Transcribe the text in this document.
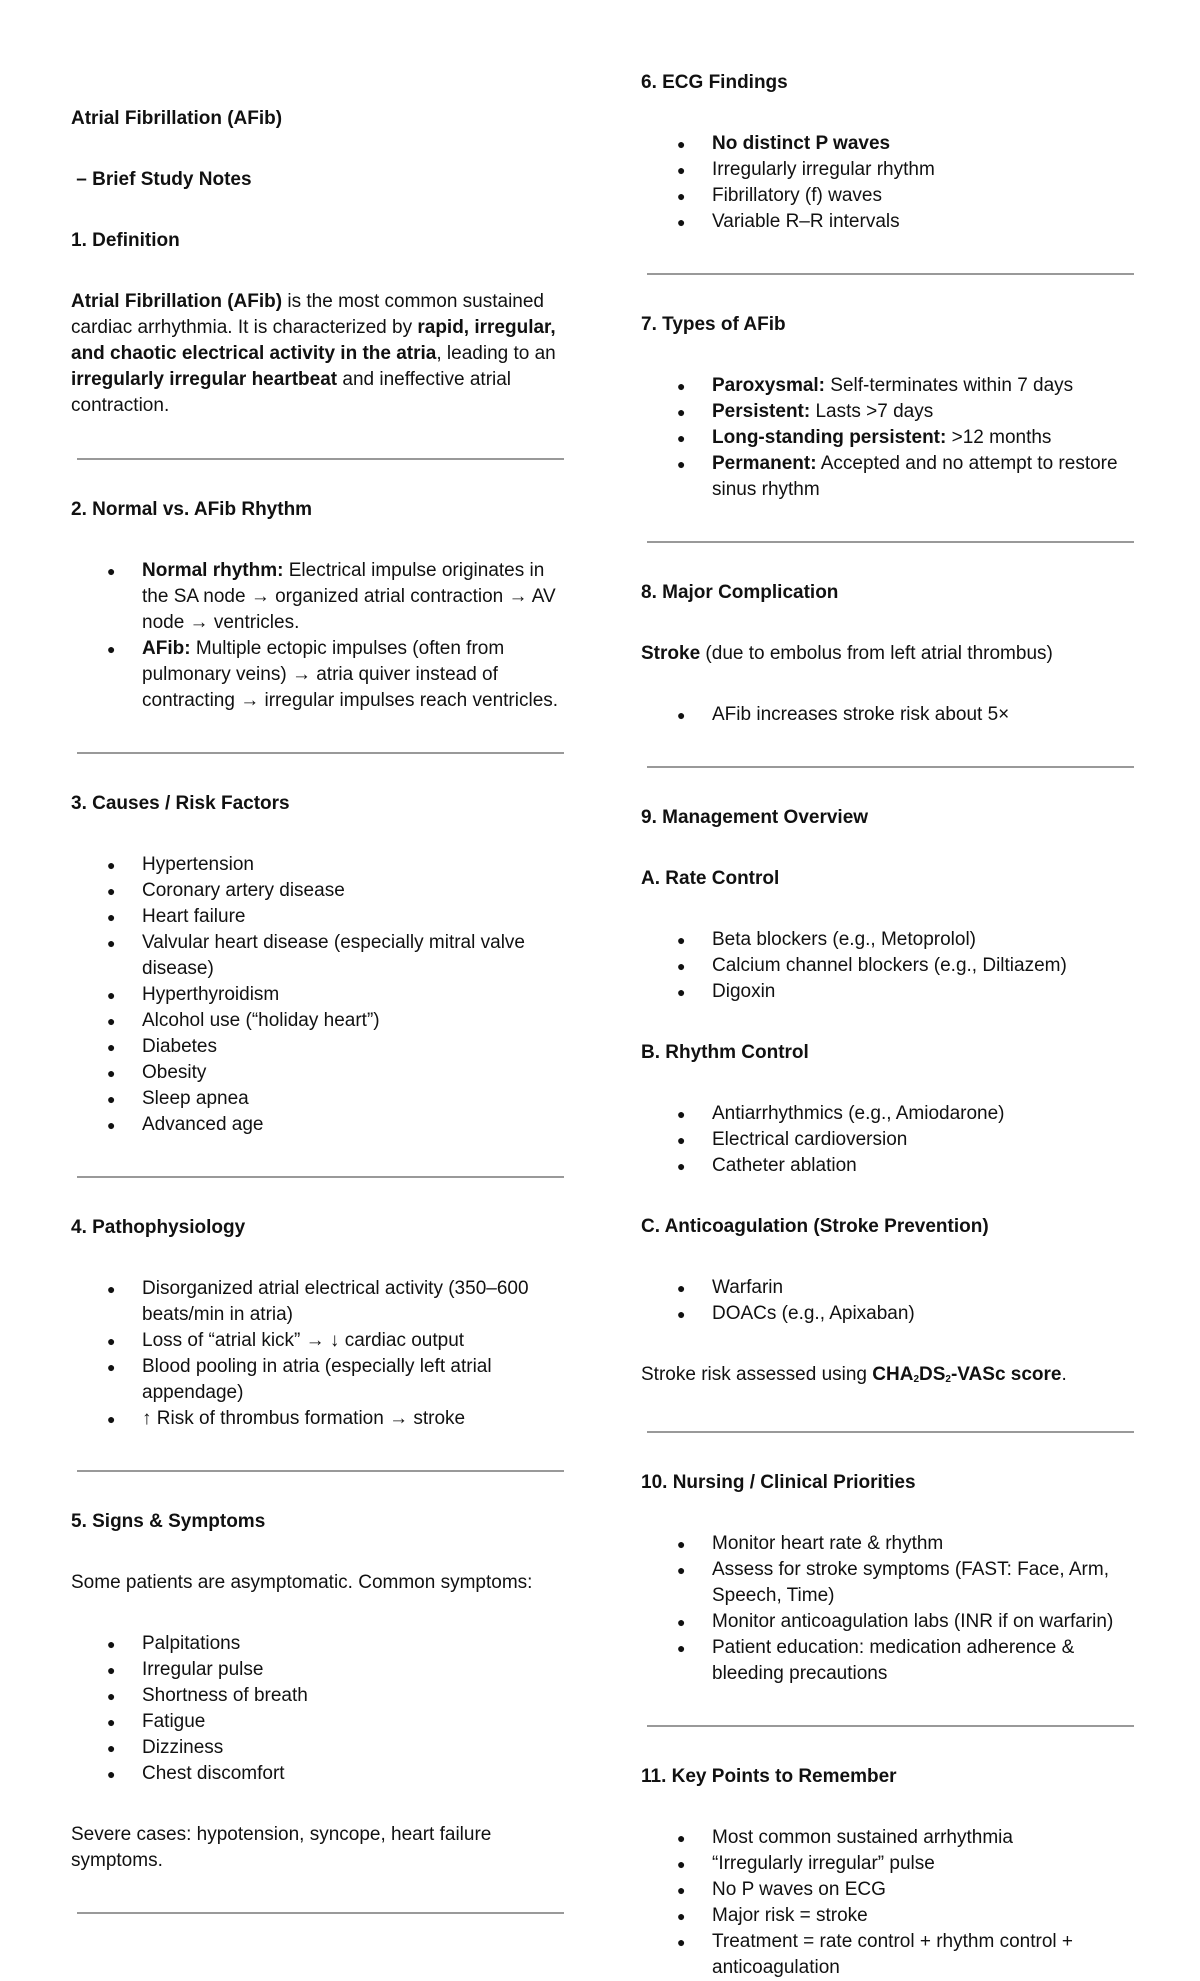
Atrial Fibrillation (AFib)

– Brief Study Notes

1. Definition

Atrial Fibrillation (AFib) is the most common sustained cardiac arrhythmia. It is characterized by rapid, irregular, and chaotic electrical activity in the atria, leading to an irregularly irregular heartbeat and ineffective atrial contraction.

2. Normal vs. AFib Rhythm

● Normal rhythm: Electrical impulse originates in the SA node → organized atrial contraction → AV node → ventricles.
● AFib: Multiple ectopic impulses (often from pulmonary veins) → atria quiver instead of contracting → irregular impulses reach ventricles.

3. Causes / Risk Factors

● Hypertension
● Coronary artery disease
● Heart failure
● Valvular heart disease (especially mitral valve disease)
● Hyperthyroidism
● Alcohol use (“holiday heart”)
● Diabetes
● Obesity
● Sleep apnea
● Advanced age

4. Pathophysiology

● Disorganized atrial electrical activity (350–600 beats/min in atria)
● Loss of “atrial kick” → ↓ cardiac output
● Blood pooling in atria (especially left atrial appendage)
● ↑ Risk of thrombus formation → stroke

5. Signs & Symptoms

Some patients are asymptomatic. Common symptoms:

● Palpitations
● Irregular pulse
● Shortness of breath
● Fatigue
● Dizziness
● Chest discomfort

Severe cases: hypotension, syncope, heart failure symptoms.

6. ECG Findings

● No distinct P waves
● Irregularly irregular rhythm
● Fibrillatory (f) waves
● Variable R–R intervals

7. Types of AFib

● Paroxysmal: Self-terminates within 7 days
● Persistent: Lasts >7 days
● Long-standing persistent: >12 months
● Permanent: Accepted and no attempt to restore sinus rhythm

8. Major Complication

Stroke (due to embolus from left atrial thrombus)

● AFib increases stroke risk about 5×

9. Management Overview

A. Rate Control

● Beta blockers (e.g., Metoprolol)
● Calcium channel blockers (e.g., Diltiazem)
● Digoxin

B. Rhythm Control

● Antiarrhythmics (e.g., Amiodarone)
● Electrical cardioversion
● Catheter ablation

C. Anticoagulation (Stroke Prevention)

● Warfarin
● DOACs (e.g., Apixaban)

Stroke risk assessed using $CHA_2DS_2$-VASc score.

10. Nursing / Clinical Priorities

● Monitor heart rate & rhythm
● Assess for stroke symptoms (FAST: Face, Arm, Speech, Time)
● Monitor anticoagulation labs (INR if on warfarin)
● Patient education: medication adherence & bleeding precautions

11. Key Points to Remember

● Most common sustained arrhythmia
● “Irregularly irregular” pulse
● No P waves on ECG
● Major risk = stroke
● Treatment = rate control + rhythm control + anticoagulation
